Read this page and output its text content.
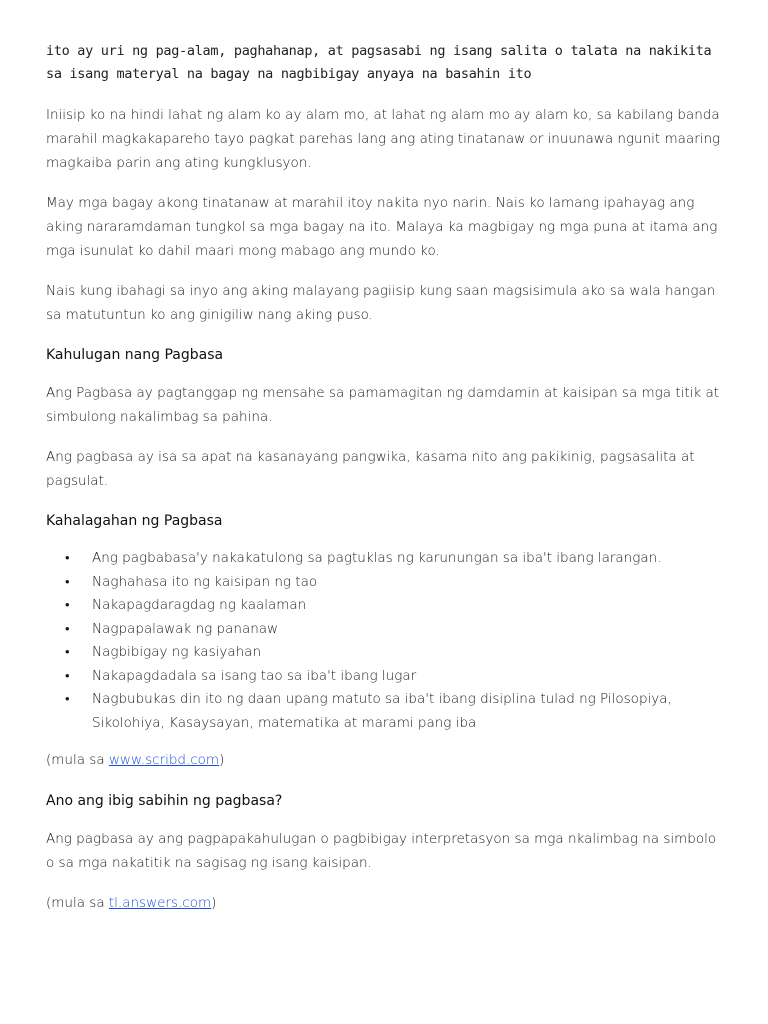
ito ay uri ng pag-alam, paghahanap, at pagsasabi ng isang salita o talata na nakikita sa isang materyal na bagay na nagbibigay anyaya na basahin ito

Iniisip ko na hindi lahat ng alam ko ay alam mo, at lahat ng alam mo ay alam ko, sa kabilang banda marahil magkakapareho tayo pagkat parehas lang ang ating tinatanaw or inuunawa ngunit maaring magkaiba parin ang ating kungklusyon.

May mga bagay akong tinatanaw at marahil itoy nakita nyo narin. Nais ko lamang ipahayag ang aking nararamdaman tungkol sa mga bagay na ito. Malaya ka magbigay ng mga puna at itama ang mga isunulat ko dahil maari mong mabago ang mundo ko.

Nais kung ibahagi sa inyo ang aking malayang pagiisip kung saan magsisimula ako sa wala hangan sa matutuntun ko ang ginigiliw nang aking puso.

Kahulugan nang Pagbasa

Ang Pagbasa ay pagtanggap ng mensahe sa pamamagitan ng damdamin at kaisipan sa mga titik at simbulong nakalimbag sa pahina.

Ang pagbasa ay isa sa apat na kasanayang pangwika, kasama nito ang pakikinig, pagsasalita at pagsulat.

Kahalagahan ng Pagbasa

• Ang pagbabasa'y nakakatulong sa pagtuklas ng karunungan sa iba't ibang larangan.
• Naghahasa ito ng kaisipan ng tao
• Nakapagdaragdag ng kaalaman
• Nagpapalawak ng pananaw
• Nagbibigay ng kasiyahan
• Nakapagdadala sa isang tao sa iba't ibang lugar
• Nagbubukas din ito ng daan upang matuto sa iba't ibang disiplina tulad ng Pilosopiya, Sikolohiya, Kasaysayan, matematika at marami pang iba

(mula sa www.scribd.com)

Ano ang ibig sabihin ng pagbasa?

Ang pagbasa ay ang pagpapakahulugan o pagbibigay interpretasyon sa mga nkalimbag na simbolo o sa mga nakatitik na sagisag ng isang kaisipan.

(mula sa tl.answers.com)
